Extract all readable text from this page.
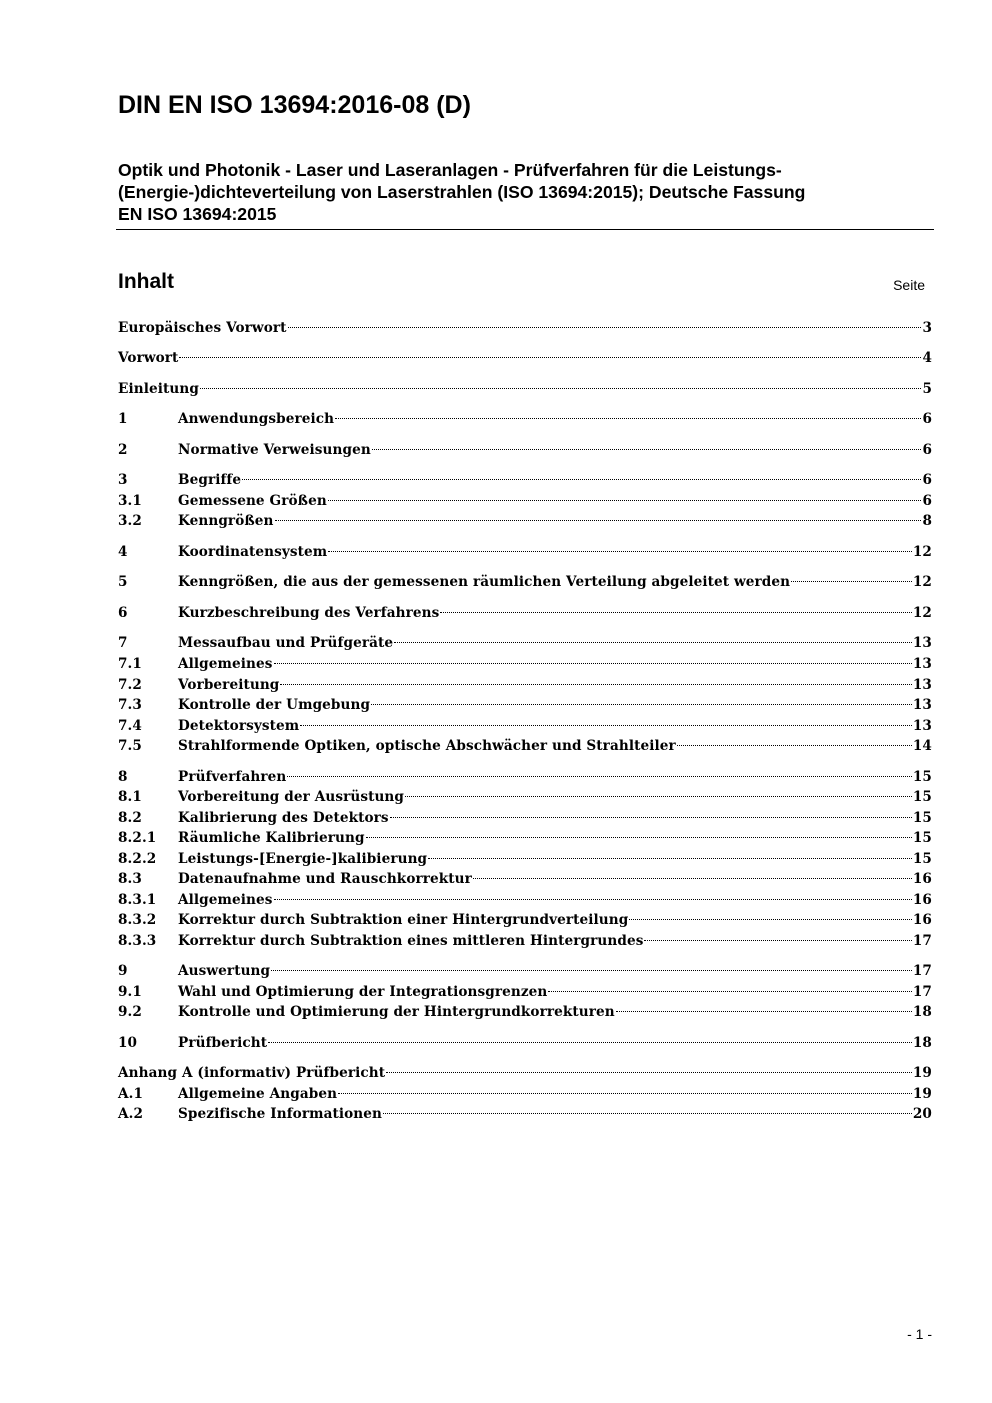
DIN EN ISO 13694:2016-08 (D)
Optik und Photonik - Laser und Laseranlagen - Prüfverfahren für die Leistungs-
(Energie-)dichteverteilung von Laserstrahlen (ISO 13694:2015); Deutsche Fassung
EN ISO 13694:2015
Inhalt	Seite
Europäisches Vorwort	3
Vorwort	4
Einleitung	5
1	Anwendungsbereich	6
2	Normative Verweisungen	6
3	Begriffe	6
3.1	Gemessene Größen	6
3.2	Kenngrößen	8
4	Koordinatensystem	12
5	Kenngrößen, die aus der gemessenen räumlichen Verteilung abgeleitet werden	12
6	Kurzbeschreibung des Verfahrens	12
7	Messaufbau und Prüfgeräte	13
7.1	Allgemeines	13
7.2	Vorbereitung	13
7.3	Kontrolle der Umgebung	13
7.4	Detektorsystem	13
7.5	Strahlformende Optiken, optische Abschwächer und Strahlteiler	14
8	Prüfverfahren	15
8.1	Vorbereitung der Ausrüstung	15
8.2	Kalibrierung des Detektors	15
8.2.1	Räumliche Kalibrierung	15
8.2.2	Leistungs-[Energie-]kalibierung	15
8.3	Datenaufnahme und Rauschkorrektur	16
8.3.1	Allgemeines	16
8.3.2	Korrektur durch Subtraktion einer Hintergrundverteilung	16
8.3.3	Korrektur durch Subtraktion eines mittleren Hintergrundes	17
9	Auswertung	17
9.1	Wahl und Optimierung der Integrationsgrenzen	17
9.2	Kontrolle und Optimierung der Hintergrundkorrekturen	18
10	Prüfbericht	18
Anhang A (informativ) Prüfbericht	19
A.1	Allgemeine Angaben	19
A.2	Spezifische Informationen	20
- 1 -
